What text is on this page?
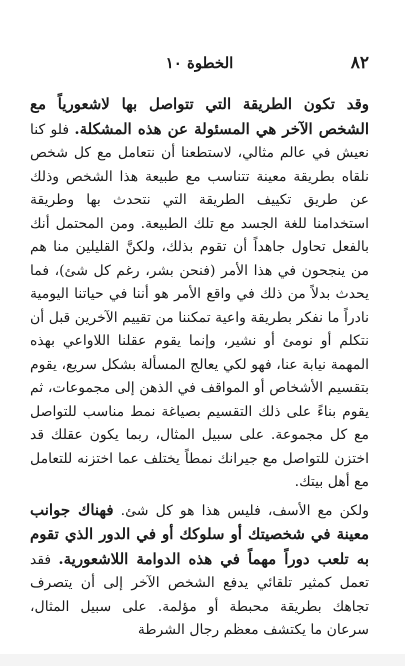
٨٢
الخطوة ١٠

وقد تكون الطريقة التي تتواصل بها لاشعورياً مع الشخص الآخر هي المسئولة عن هذه المشكلة. فلو كنا نعيش في عالم مثالي، لاستطعنا أن نتعامل مع كل شخص نلقاه بطريقة معينة تتناسب مع طبيعة هذا الشخص وذلك عن طريق تكييف الطريقة التي نتحدث بها وطريقة استخدامنا للغة الجسد مع تلك الطبيعة. ومن المحتمل أنك بالفعل تحاول جاهداً أن تقوم بذلك، ولكنَّ القليلين منا هم من ينجحون في هذا الأمر (فنحن بشر، رغم كل شئ)، فما يحدث بدلاً من ذلك في واقع الأمر هو أننا في حياتنا اليومية نادراً ما نفكر بطريقة واعية تمكننا من تقييم الآخرين قبل أن نتكلم أو نومئ أو نشير، وإنما يقوم عقلنا اللاواعي بهذه المهمة نيابة عنا، فهو لكي يعالج المسألة بشكل سريع، يقوم بتقسيم الأشخاص أو المواقف في الذهن إلى مجموعات، ثم يقوم بناءً على ذلك التقسيم بصياغة نمط مناسب للتواصل مع كل مجموعة. على سبيل المثال، ربما يكون عقلك قد اختزن للتواصل مع جيرانك نمطاً يختلف عما اختزنه للتعامل مع أهل بيتك.

ولكن مع الأسف، فليس هذا هو كل شئ. فهناك جوانب معينة في شخصيتك أو سلوكك أو في الدور الذي تقوم به تلعب دوراً مهماً في هذه الدوامة اللاشعورية. فقد تعمل كمثير تلقائي يدفع الشخص الآخر إلى أن يتصرف تجاهك بطريقة محبطة أو مؤلمة. على سبيل المثال، سرعان ما يكتشف معظم رجال الشرطة
